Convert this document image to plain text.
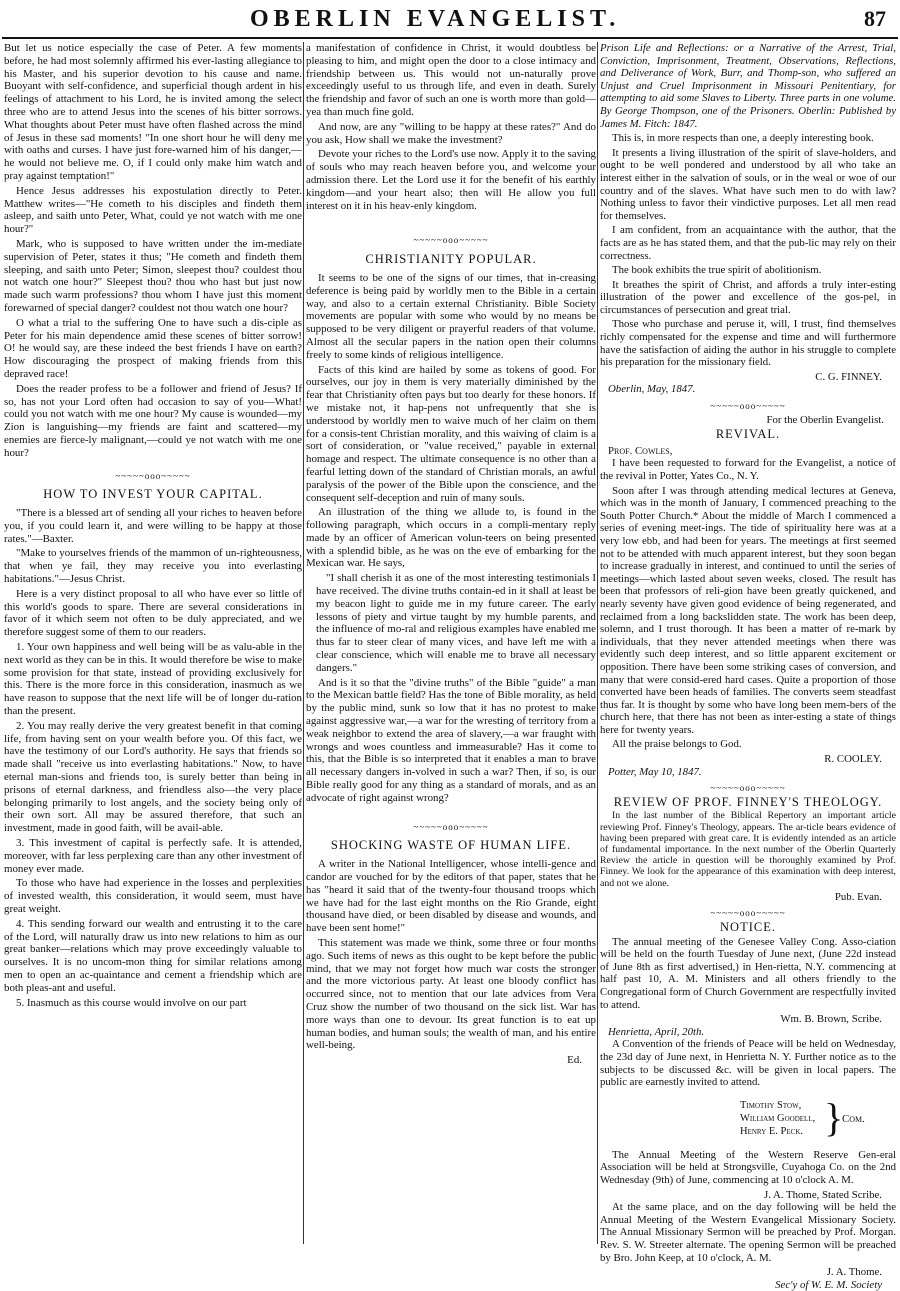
OBERLIN EVANGELIST.	87

But let us notice especially the case of Peter. A few moments before, he had most solemnly affirmed his ever-lasting allegiance to his Master, and his superior devotion to his cause and name. Buoyant with self-confidence, and superficial though ardent in his feelings of attachment to his Lord, he is invited among the select three who are to attend Jesus into the scenes of his bitter sorrows. What thoughts about Peter must have often flashed across the mind of Jesus in these sad moments! "In one short hour he will deny me with oaths and curses. I have just fore-warned him of his danger,—he would not believe me. O, if I could only make him watch and pray against temptation!"

Hence Jesus addresses his expostulation directly to Peter. Matthew writes—"He cometh to his disciples and findeth them asleep, and saith unto Peter, What, could ye not watch with me one hour?"

Mark, who is supposed to have written under the im-mediate supervision of Peter, states it thus; "He cometh and findeth them sleeping, and saith unto Peter; Simon, sleepest thou? couldest thou not watch one hour?" Sleepest thou? thou who hast but just now made such warm professions? thou whom I have just this moment forewarned of special danger? couldest not thou watch one hour?

O what a trial to the suffering One to have such a dis-ciple as Peter for his main dependence amid these scenes of bitter sorrow! O! he would say, are these indeed the best friends I have on earth? How discouraging the prospect of making friends from this depraved race!

Does the reader profess to be a follower and friend of Jesus? If so, has not your Lord often had occasion to say of you—What! could you not watch with me one hour? My cause is wounded—my Zion is languishing—my friends are faint and scattered—my enemies are fierce-ly malignant,—could ye not watch with me one hour?

~~~~~ooo~~~~~
HOW TO INVEST YOUR CAPITAL.

"There is a blessed art of sending all your riches to heaven before you, if you could learn it, and were willing to be happy at those rates."—Baxter.

"Make to yourselves friends of the mammon of un-righteousness, that when ye fail, they may receive you into everlasting habitations."—Jesus Christ.

Here is a very distinct proposal to all who have ever so little of this world's goods to spare. There are several considerations in favor of it which seem not often to be duly appreciated, and we therefore suggest some of them to our readers.

1. Your own happiness and well being will be as valu-able in the next world as they can be in this. It would therefore be wise to make some provision for that state, instead of providing exclusively for this. There is the more force in this consideration, inasmuch as we have reason to suppose that the next life will be of longer du-ration than the present.

2. You may really derive the very greatest benefit in that coming life, from having sent on your wealth before you. Of this fact, we have the testimony of our Lord's authority. He says that friends so made shall "receive us into everlasting habitations." Now, to have eternal man-sions and friends too, is surely better than being in prisons of eternal darkness, and friendless also—the very place belonging primarily to lost angels, and the society being only of their own sort. All may be assured therefore, that such an investment, made in good faith, will be avail-able.

3. This investment of capital is perfectly safe. It is attended, moreover, with far less perplexing care than any other investment of money ever made.

To those who have had experience in the losses and perplexities of invested wealth, this consideration, it would seem, must have great weight.

4. This sending forward our wealth and entrusting it to the care of the Lord, will naturally draw us into new relations to him as our great banker—relations which may prove exceedingly valuable to ourselves. It is no uncom-mon thing for similar relations among men to open an ac-quaintance and cement a friendship which are both pleas-ant and useful.

5. Inasmuch as this course would involve on our part

a manifestation of confidence in Christ, it would doubtless be pleasing to him, and might open the door to a close intimacy and friendship between us. This would not un-naturally prove exceedingly useful to us through life, and even in death. Surely the friendship and favor of such an one is worth more than gold—yea than much fine gold.

And now, are any "willing to be happy at these rates?" And do you ask, How shall we make the investment?

Devote your riches to the Lord's use now. Apply it to the saving of souls who may reach heaven before you, and welcome your admission there. Let the Lord use it for the benefit of his earthly kingdom—and your heart also; then will He allow you full interest on it in his heav-enly kingdom.

~~~~~ooo~~~~~
CHRISTIANITY POPULAR.

It seems to be one of the signs of our times, that in-creasing deference is being paid by worldly men to the Bible in a certain way, and also to a certain external Christianity. Bible Society movements are popular with some who would by no means be supposed to be very diligent or prayerful readers of that volume. Almost all the secular papers in the nation open their columns freely to some kinds of religious intelligence.

Facts of this kind are hailed by some as tokens of good. For ourselves, our joy in them is very materially diminished by the fear that Christianity often pays but too dearly for these honors. If we mistake not, it hap-pens not unfrequently that she is understood by worldly men to waive much of her claim on them for a consis-tent Christian morality, and this waiving of claim is a sort of consideration, or "value received," payable in external homage and respect. The ultimate consequence is no other than a fearful letting down of the standard of Christian morals, an awful paralysis of the power of the Bible upon the conscience, and the consequent self-deception and ruin of many souls.

An illustration of the thing we allude to, is found in the following paragraph, which occurs in a compli-mentary reply made by an officer of American volun-teers on being presented with a splendid bible, as he was on the eve of embarking for the Mexican war. He says,

"I shall cherish it as one of the most interesting testimonials I have received. The divine truths contain-ed in it shall at least be my beacon light to guide me in my future career. The early lessons of piety and virtue taught by my humble parents, and the influence of mo-ral and religious examples have enabled me thus far to steer clear of many vices, and have left me with a clear conscience, which will enable me to brave all necessary dangers."

And is it so that the "divine truths" of the Bible "guide" a man to the Mexican battle field? Has the tone of Bible morality, as held by the public mind, sunk so low that it has no protest to make against aggressive war,—a war for the wresting of territory from a weak neighbor to extend the area of slavery,—a war fraught with wrongs and woes countless and immeasurable? Has it come to this, that the Bible is so interpreted that it enables a man to brave all necessary dangers in-volved in such a war? Then, if so, is our Bible really good for any thing as a standard of morals, and as an advocate of right against wrong?

~~~~~ooo~~~~~
SHOCKING WASTE OF HUMAN LIFE.

A writer in the National Intelligencer, whose intelli-gence and candor are vouched for by the editors of that paper, states that he has "heard it said that of the twenty-four thousand troops which we have had for the last eight months on the Rio Grande, eight thousand have died, or been disabled by disease and wounds, and have been sent home!"

This statement was made we think, some three or four months ago. Such items of news as this ought to be kept before the public mind, that we may not forget how much war costs the stronger and the more victorious party. At least one bloody conflict has occurred since, not to mention that our late advices from Vera Cruz show the number of two thousand on the sick list. War has more ways than one to devour. Its great function is to eat up human bodies, and human souls; the wealth of man, and his entire well-being.

Ed.

Prison Life and Reflections: or a Narrative of the Arrest, Trial, Conviction, Imprisonment, Treatment, Observations, Reflections, and Deliverance of Work, Burr, and Thomp-son, who suffered an Unjust and Cruel Imprisonment in Missouri Penitentiary, for attempting to aid some Slaves to Liberty. Three parts in one volume. By George Thompson, one of the Prisoners. Oberlin: Published by James M. Fitch: 1847.

This is, in more respects than one, a deeply interesting book.

It presents a living illustration of the spirit of slave-holders, and ought to be well pondered and understood by all who take an interest either in the salvation of souls, or in the weal or woe of our country and of the slaves. What have such men to do with law? Nothing unless to favor their vindictive purposes. Let all men read for themselves.

I am confident, from an acquaintance with the author, that the facts are as he has stated them, and that the pub-lic may rely on their correctness.

The book exhibits the true spirit of abolitionism.

It breathes the spirit of Christ, and affords a truly inter-esting illustration of the power and excellence of the gos-pel, in circumstances of persecution and great trial.

Those who purchase and peruse it, will, I trust, find themselves richly compensated for the expense and time and will furthermore have the satisfaction of aiding the author in his struggle to complete his preparation for the missionary field.

C. G. FINNEY.
Oberlin, May, 1847.
~~~~~ooo~~~~~
For the Oberlin Evangelist.
REVIVAL.
Prof. Cowles,

I have been requested to forward for the Evangelist, a notice of the revival in Potter, Yates Co., N. Y.

Soon after I was through attending medical lectures at Geneva, which was in the month of January, I commenced preaching to the South Potter Church.* About the middle of March I commenced a series of evening meet-ings. The tide of spirituality here was at a very low ebb, and had been for years. The meetings at first seemed not to be attended with much apparent interest, but they soon began to increase gradually in interest, and continued to until the series of meetings—which lasted about seven weeks, closed. The result has been that professors of reli-gion have been greatly quickened, and nearly seventy have given good evidence of being regenerated, and reclaimed from a long backslidden state. The work has been deep, solemn, and I trust thorough. It has been a matter of re-mark by individuals, that they never attended meetings when there was evidently such deep interest, and so little apparent excitement or opposition. There have been some striking cases of conversion, and many that were consid-ered hard cases. Quite a proportion of those converted have been heads of families. The converts seem steadfast thus far. It is thought by some who have long been mem-bers of the church here, that there has not been as inter-esting a state of things here for twenty years.

All the praise belongs to God.

R. COOLEY.
Potter, May 10, 1847.
~~~~~ooo~~~~~
REVIEW OF PROF. FINNEY'S THEOLOGY.

In the last number of the Biblical Repertory an important article reviewing Prof. Finney's Theology, appears. The ar-ticle bears evidence of having been prepared with great care. It is evidently intended as an article of fundamental importance. In the next number of the Oberlin Quarterly Review the article in question will be thoroughly examined by Prof. Finney. We look for the appearance of this examination with deep interest, and not we alone.

Pub. Evan.
~~~~~ooo~~~~~
NOTICE.

The annual meeting of the Genesee Valley Cong. Asso-ciation will be held on the fourth Tuesday of June next, (June 22d instead of June 8th as first advertised,) in Hen-rietta, N.Y. commencing at half past 10, A. M. Ministers and all others friendly to the Congregational form of Church Government are respectfully invited to attend.

Wm. B. Brown, Scribe.
Henrietta, April, 20th.

A Convention of the friends of Peace will be held on Wednesday, the 23d day of June next, in Henrietta N. Y. Further notice as to the subjects to be discussed &c. will be given in local papers. The public are earnestly invited to attend.

Timothy Stow,
William Goodell,
Henry E. Peck. }
Com.

The Annual Meeting of the Western Reserve Gen-eral Association will be held at Strongsville, Cuyahoga Co. on the 2nd Wednesday (9th) of June, commencing at 10 o'clock A. M.

J. A. Thome, Stated Scribe.

At the same place, and on the day following will be held the Annual Meeting of the Western Evangelical Missionary Society. The Annual Missionary Sermon will be preached by Prof. Morgan. Rev. S. W. Streeter alternate. The opening Sermon will be preached by Bro. John Keep, at 10 o'clock, A. M.

J. A. Thome.
Sec'y of W. E. M. Society
